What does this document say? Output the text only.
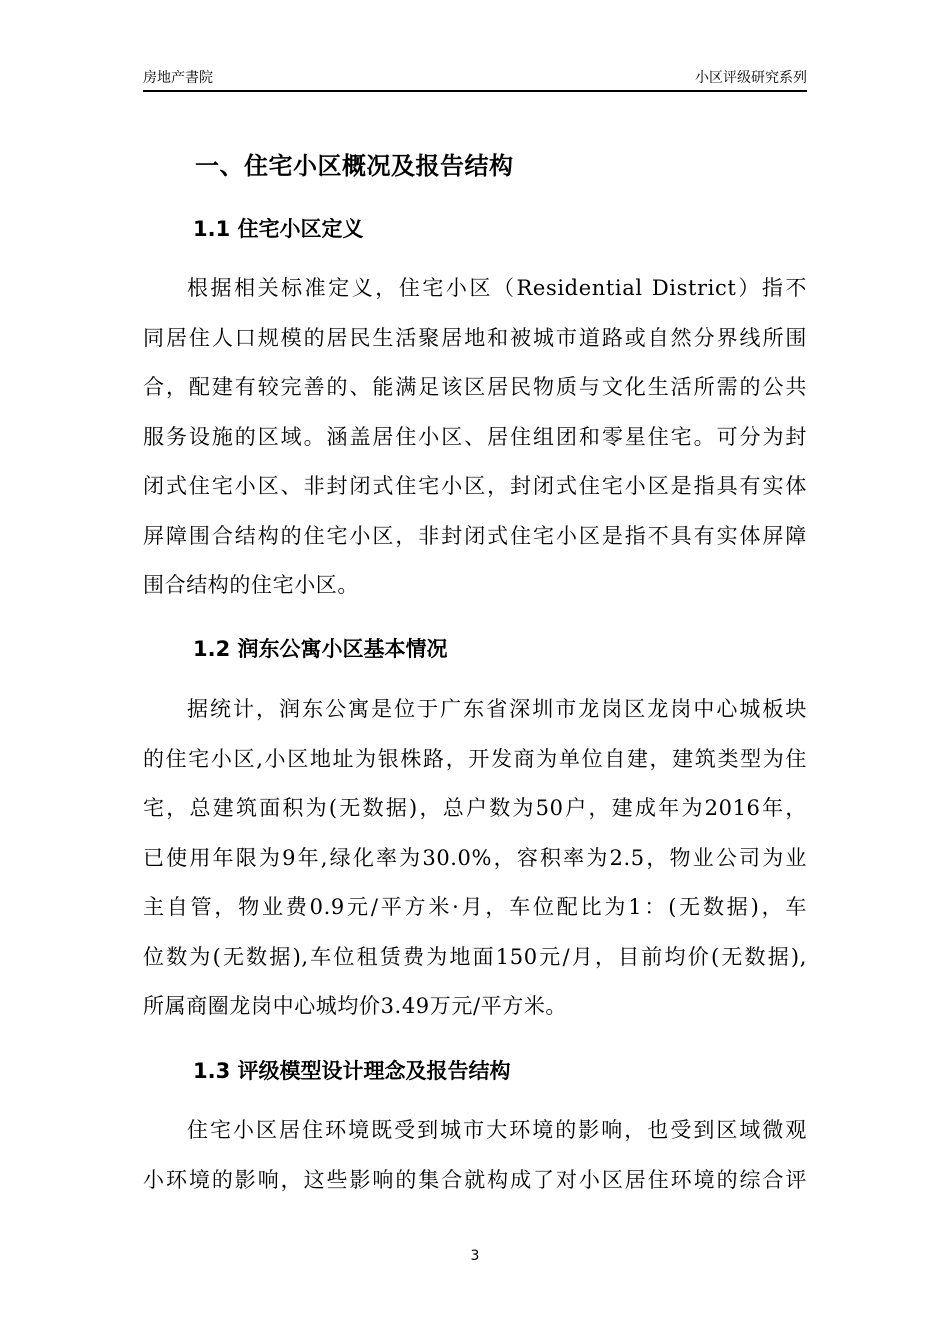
房地产書院	小区评级研究系列
一、住宅小区概况及报告结构
1.1 住宅小区定义
根据相关标准定义，住宅小区（Residential District）指不
同居住人口规模的居民生活聚居地和被城市道路或自然分界线所围
合，配建有较完善的、能满足该区居民物质与文化生活所需的公共
服务设施的区域。涵盖居住小区、居住组团和零星住宅。可分为封
闭式住宅小区、非封闭式住宅小区，封闭式住宅小区是指具有实体
屏障围合结构的住宅小区，非封闭式住宅小区是指不具有实体屏障
围合结构的住宅小区。
1.2 润东公寓小区基本情况
据统计，润东公寓是位于广东省深圳市龙岗区龙岗中心城板块
的住宅小区,小区地址为银株路，开发商为单位自建，建筑类型为住
宅，总建筑面积为(无数据)，总户数为50户，建成年为2016年，
已使用年限为9年,绿化率为30.0%，容积率为2.5，物业公司为业
主自管，物业费0.9元/平方米·月，车位配比为1：(无数据)，车
位数为(无数据),车位租赁费为地面150元/月，目前均价(无数据),
所属商圈龙岗中心城均价3.49万元/平方米。
1.3 评级模型设计理念及报告结构
住宅小区居住环境既受到城市大环境的影响，也受到区域微观
小环境的影响，这些影响的集合就构成了对小区居住环境的综合评
3
